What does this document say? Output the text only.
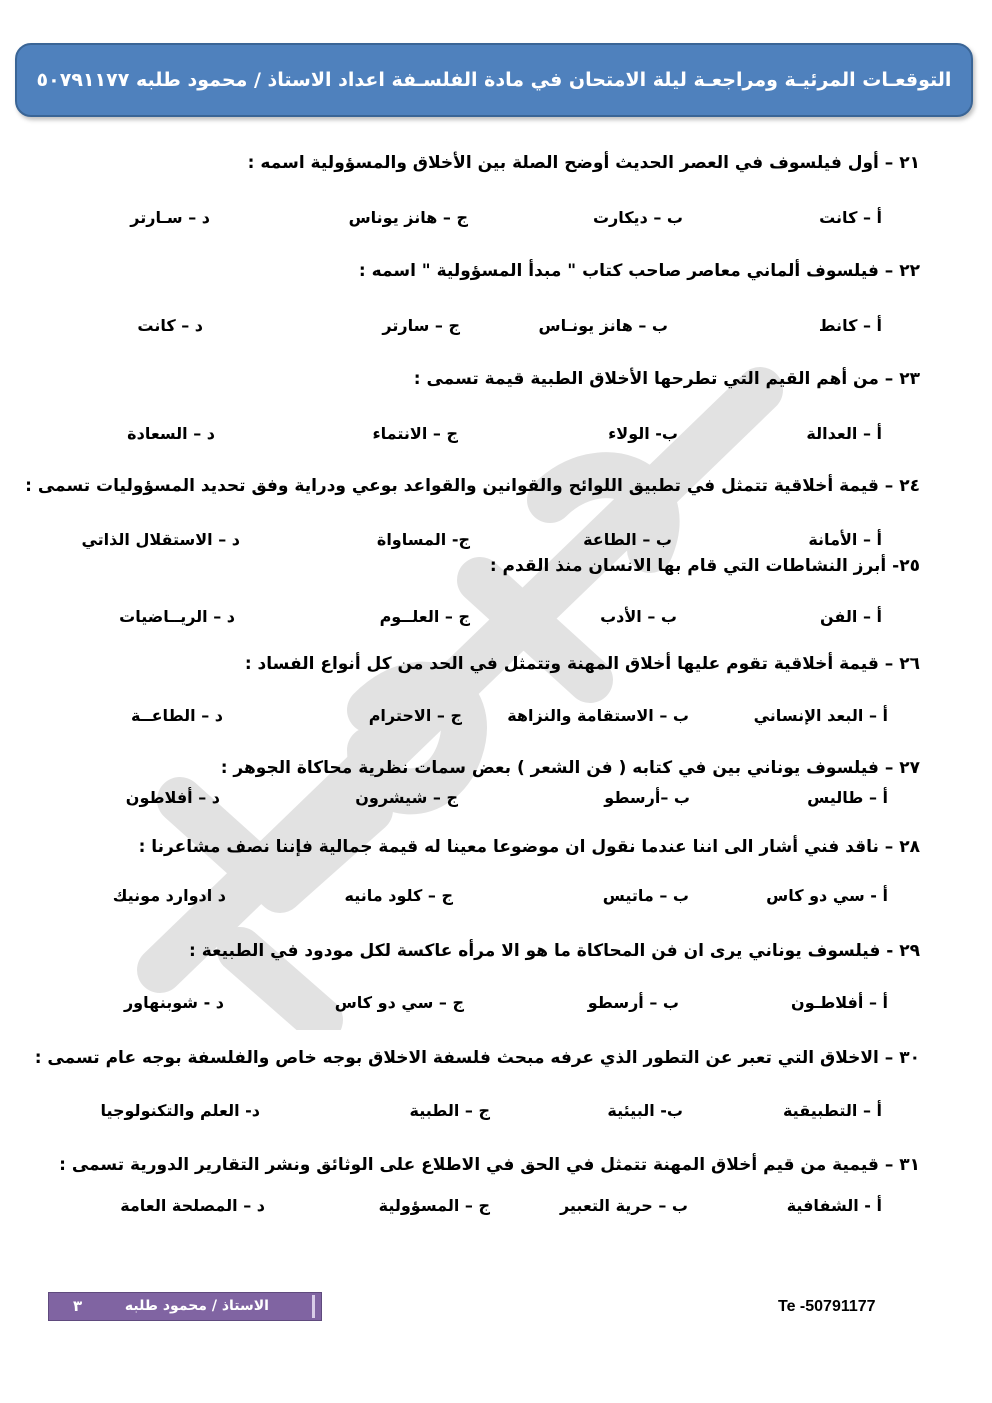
التوقعـات المرئيـة ومراجعـة ليلة الامتحان في مادة الفلسـفة اعداد الاستاذ / محمود طلبه ٥٠٧٩١١٧٧
٢١ – أول فيلسوف في العصر الحديث أوضح الصلة بين الأخلاق والمسؤولية اسمه :
أ – كانت
ب – ديكارت
ج – هانز يوناس
د – سـارتر
٢٢ – فيلسوف ألماني معاصر صاحب كتاب " مبدأ المسؤولية " اسمه :
أ – كانط
ب – هانز يونـاس
ج – سارتر
د – كانت
٢٣ – من أهم القيم التي تطرحها الأخلاق الطبية قيمة تسمى :
أ – العدالة
ب- الولاء
ج – الانتماء
د – السعادة
٢٤ – قيمة أخلاقية تتمثل في تطبيق اللوائح والقوانين والقواعد بوعي ودراية وفق تحديد المسؤوليات تسمى :
أ – الأمانة
ب – الطاعة
ج- المساواة
د – الاستقلال الذاتي
٢٥- أبرز النشاطات التي قام بها الانسان منذ القدم :
أ – الفن
ب – الأدب
ج – العلــوم
د – الريــاضيات
٢٦ – قيمة أخلاقية تقوم عليها أخلاق المهنة وتتمثل في الحد من كل أنواع الفساد :
أ – البعد الإنساني
ب – الاستقامة والنزاهة
ج – الاحترام
د – الطاعــة
٢٧ – فيلسوف يوناني بين في كتابه ( فن الشعر ) بعض سمات نظرية محاكاة الجوهر :
أ – طاليس
ب –أرسطو
ج – شيشرون
د – أفلاطون
٢٨ – ناقد فني أشار الى اننا عندما نقول ان موضوعا معينا له قيمة جمالية فإننا نصف مشاعرنا :
أ - سي دو كاس
ب – ماتيس
ج – كلود مانيه
د ادوارد مونيك
٢٩ - فيلسوف يوناني يرى ان فن المحاكاة ما هو الا مرأه عاكسة لكل مودود في الطبيعة :
أ – أفلاطـون
ب – أرسطو
ج – سي دو كاس
د - شوبنهاور
٣٠ – الاخلاق التي تعبر عن التطور الذي عرفه مبحث فلسفة الاخلاق بوجه خاص والفلسفة بوجه عام تسمى :
أ – التطبيقية
ب- البيئية
ج – الطبية
د- العلم والتكنولوجيا
٣١ – قيمية من قيم أخلاق المهنة تتمثل في الحق في الاطلاع على الوثائق ونشر التقارير الدورية تسمى :
أ - الشفافية
ب – حرية التعبير
ج – المسؤولية
د – المصلحة العامة
الاستاذ / محمود طلبه
٣	Te -50791177
